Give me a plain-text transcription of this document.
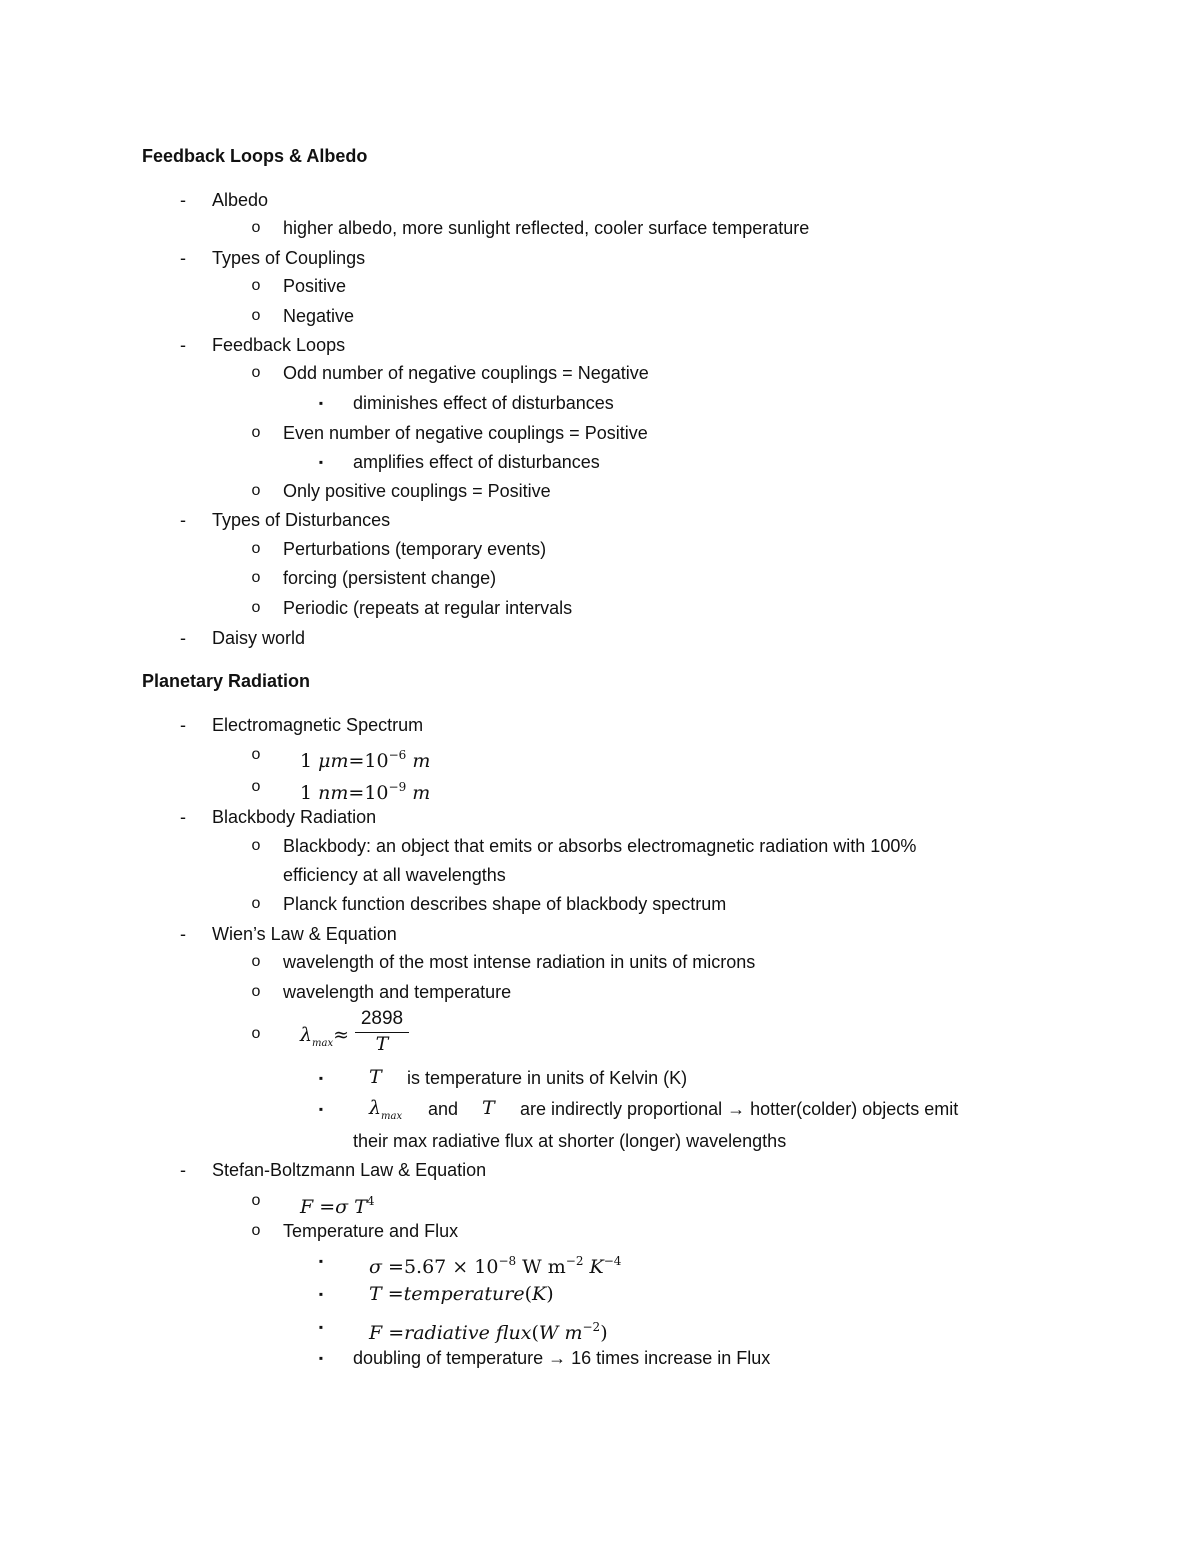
Feedback Loops & Albedo
- Albedo
o higher albedo, more sunlight reflected, cooler surface temperature
- Types of Couplings
o Positive
o Negative
- Feedback Loops
o Odd number of negative couplings = Negative
▪ diminishes effect of disturbances
o Even number of negative couplings = Positive
▪ amplifies effect of disturbances
o Only positive couplings = Positive
- Types of Disturbances
o Perturbations (temporary events)
o forcing (persistent change)
o Periodic (repeats at regular intervals
- Daisy world
Planetary Radiation
- Electromagnetic Spectrum
o 1 $\mu m=10^{-6}$ m
o 1 $nm=10^{-9}$ m
- Blackbody Radiation
o Blackbody: an object that emits or absorbs electromagnetic radiation with 100%
efficiency at all wavelengths
o Planck function describes shape of blackbody spectrum
- Wien’s Law & Equation
o wavelength of the most intense radiation in units of microns
o wavelength and temperature
o $\lambda_{max}\approx \frac{2898}{T}$
▪ T is temperature in units of Kelvin (K)
▪ $\lambda_{max}$ and T are indirectly proportional → hotter(colder) objects emit
their max radiative flux at shorter (longer) wavelengths
- Stefan-Boltzmann Law & Equation
o F =σ $T^4$
o Temperature and Flux
▪ $\sigma =5.67 \times 10^{-8}$ W $m^{-2}$ $K^{-4}$
▪ T =temperature(K)
▪ F =radiative flux(W $m^{-2}$)
▪ doubling of temperature → 16 times increase in Flux
